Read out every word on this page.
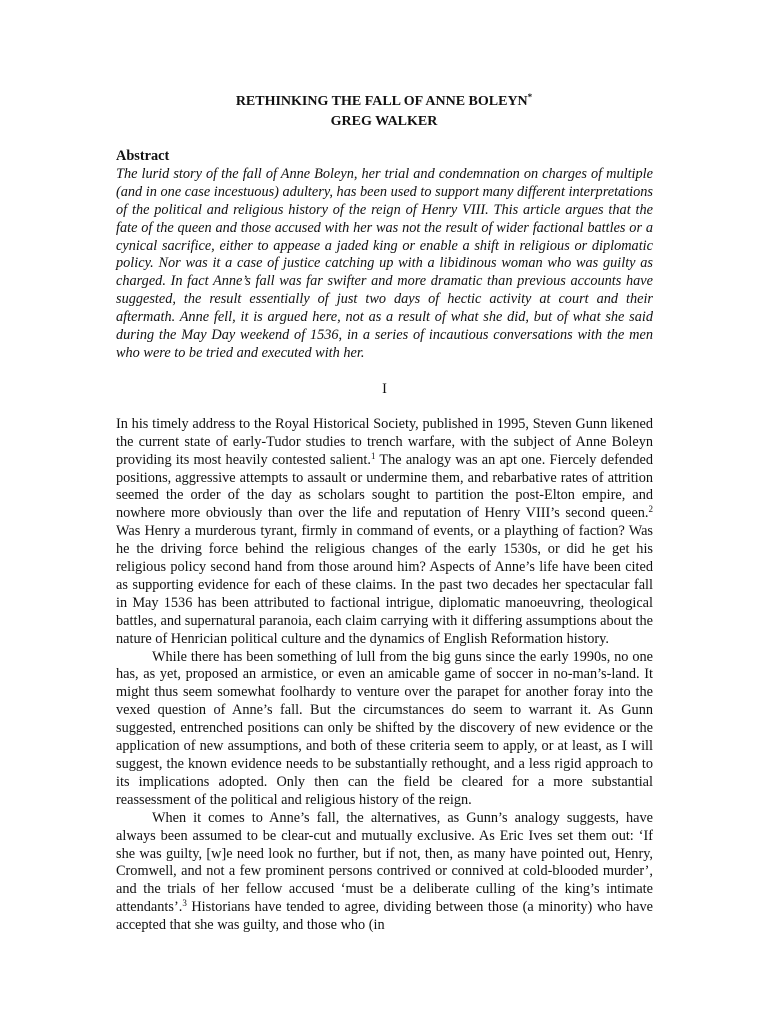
RETHINKING THE FALL OF ANNE BOLEYN*
GREG WALKER

Abstract

The lurid story of the fall of Anne Boleyn, her trial and condemnation on charges of multiple (and in one case incestuous) adultery, has been used to support many different interpretations of the political and religious history of the reign of Henry VIII. This article argues that the fate of the queen and those accused with her was not the result of wider factional battles or a cynical sacrifice, either to appease a jaded king or enable a shift in religious or diplomatic policy. Nor was it a case of justice catching up with a libidinous woman who was guilty as charged. In fact Anne’s fall was far swifter and more dramatic than previous accounts have suggested, the result essentially of just two days of hectic activity at court and their aftermath. Anne fell, it is argued here, not as a result of what she did, but of what she said during the May Day weekend of 1536, in a series of incautious conversations with the men who were to be tried and executed with her.

I

In his timely address to the Royal Historical Society, published in 1995, Steven Gunn likened the current state of early-Tudor studies to trench warfare, with the subject of Anne Boleyn providing its most heavily contested salient.$^1$ The analogy was an apt one. Fiercely defended positions, aggressive attempts to assault or undermine them, and rebarbative rates of attrition seemed the order of the day as scholars sought to partition the post-Elton empire, and nowhere more obviously than over the life and reputation of Henry VIII’s second queen.$^2$ Was Henry a murderous tyrant, firmly in command of events, or a plaything of faction? Was he the driving force behind the religious changes of the early 1530s, or did he get his religious policy second hand from those around him? Aspects of Anne’s life have been cited as supporting evidence for each of these claims. In the past two decades her spectacular fall in May 1536 has been attributed to factional intrigue, diplomatic manoeuvring, theological battles, and supernatural paranoia, each claim carrying with it differing assumptions about the nature of Henrician political culture and the dynamics of English Reformation history.

While there has been something of lull from the big guns since the early 1990s, no one has, as yet, proposed an armistice, or even an amicable game of soccer in no-man’s-land. It might thus seem somewhat foolhardy to venture over the parapet for another foray into the vexed question of Anne’s fall. But the circumstances do seem to warrant it. As Gunn suggested, entrenched positions can only be shifted by the discovery of new evidence or the application of new assumptions, and both of these criteria seem to apply, or at least, as I will suggest, the known evidence needs to be substantially rethought, and a less rigid approach to its implications adopted. Only then can the field be cleared for a more substantial reassessment of the political and religious history of the reign.

When it comes to Anne’s fall, the alternatives, as Gunn’s analogy suggests, have always been assumed to be clear-cut and mutually exclusive. As Eric Ives set them out: ‘If she was guilty, [w]e need look no further, but if not, then, as many have pointed out, Henry, Cromwell, and not a few prominent persons contrived or connived at cold-blooded murder’, and the trials of her fellow accused ‘must be a deliberate culling of the king’s intimate attendants’.$^3$ Historians have tended to agree, dividing between those (a minority) who have accepted that she was guilty, and those who (in
